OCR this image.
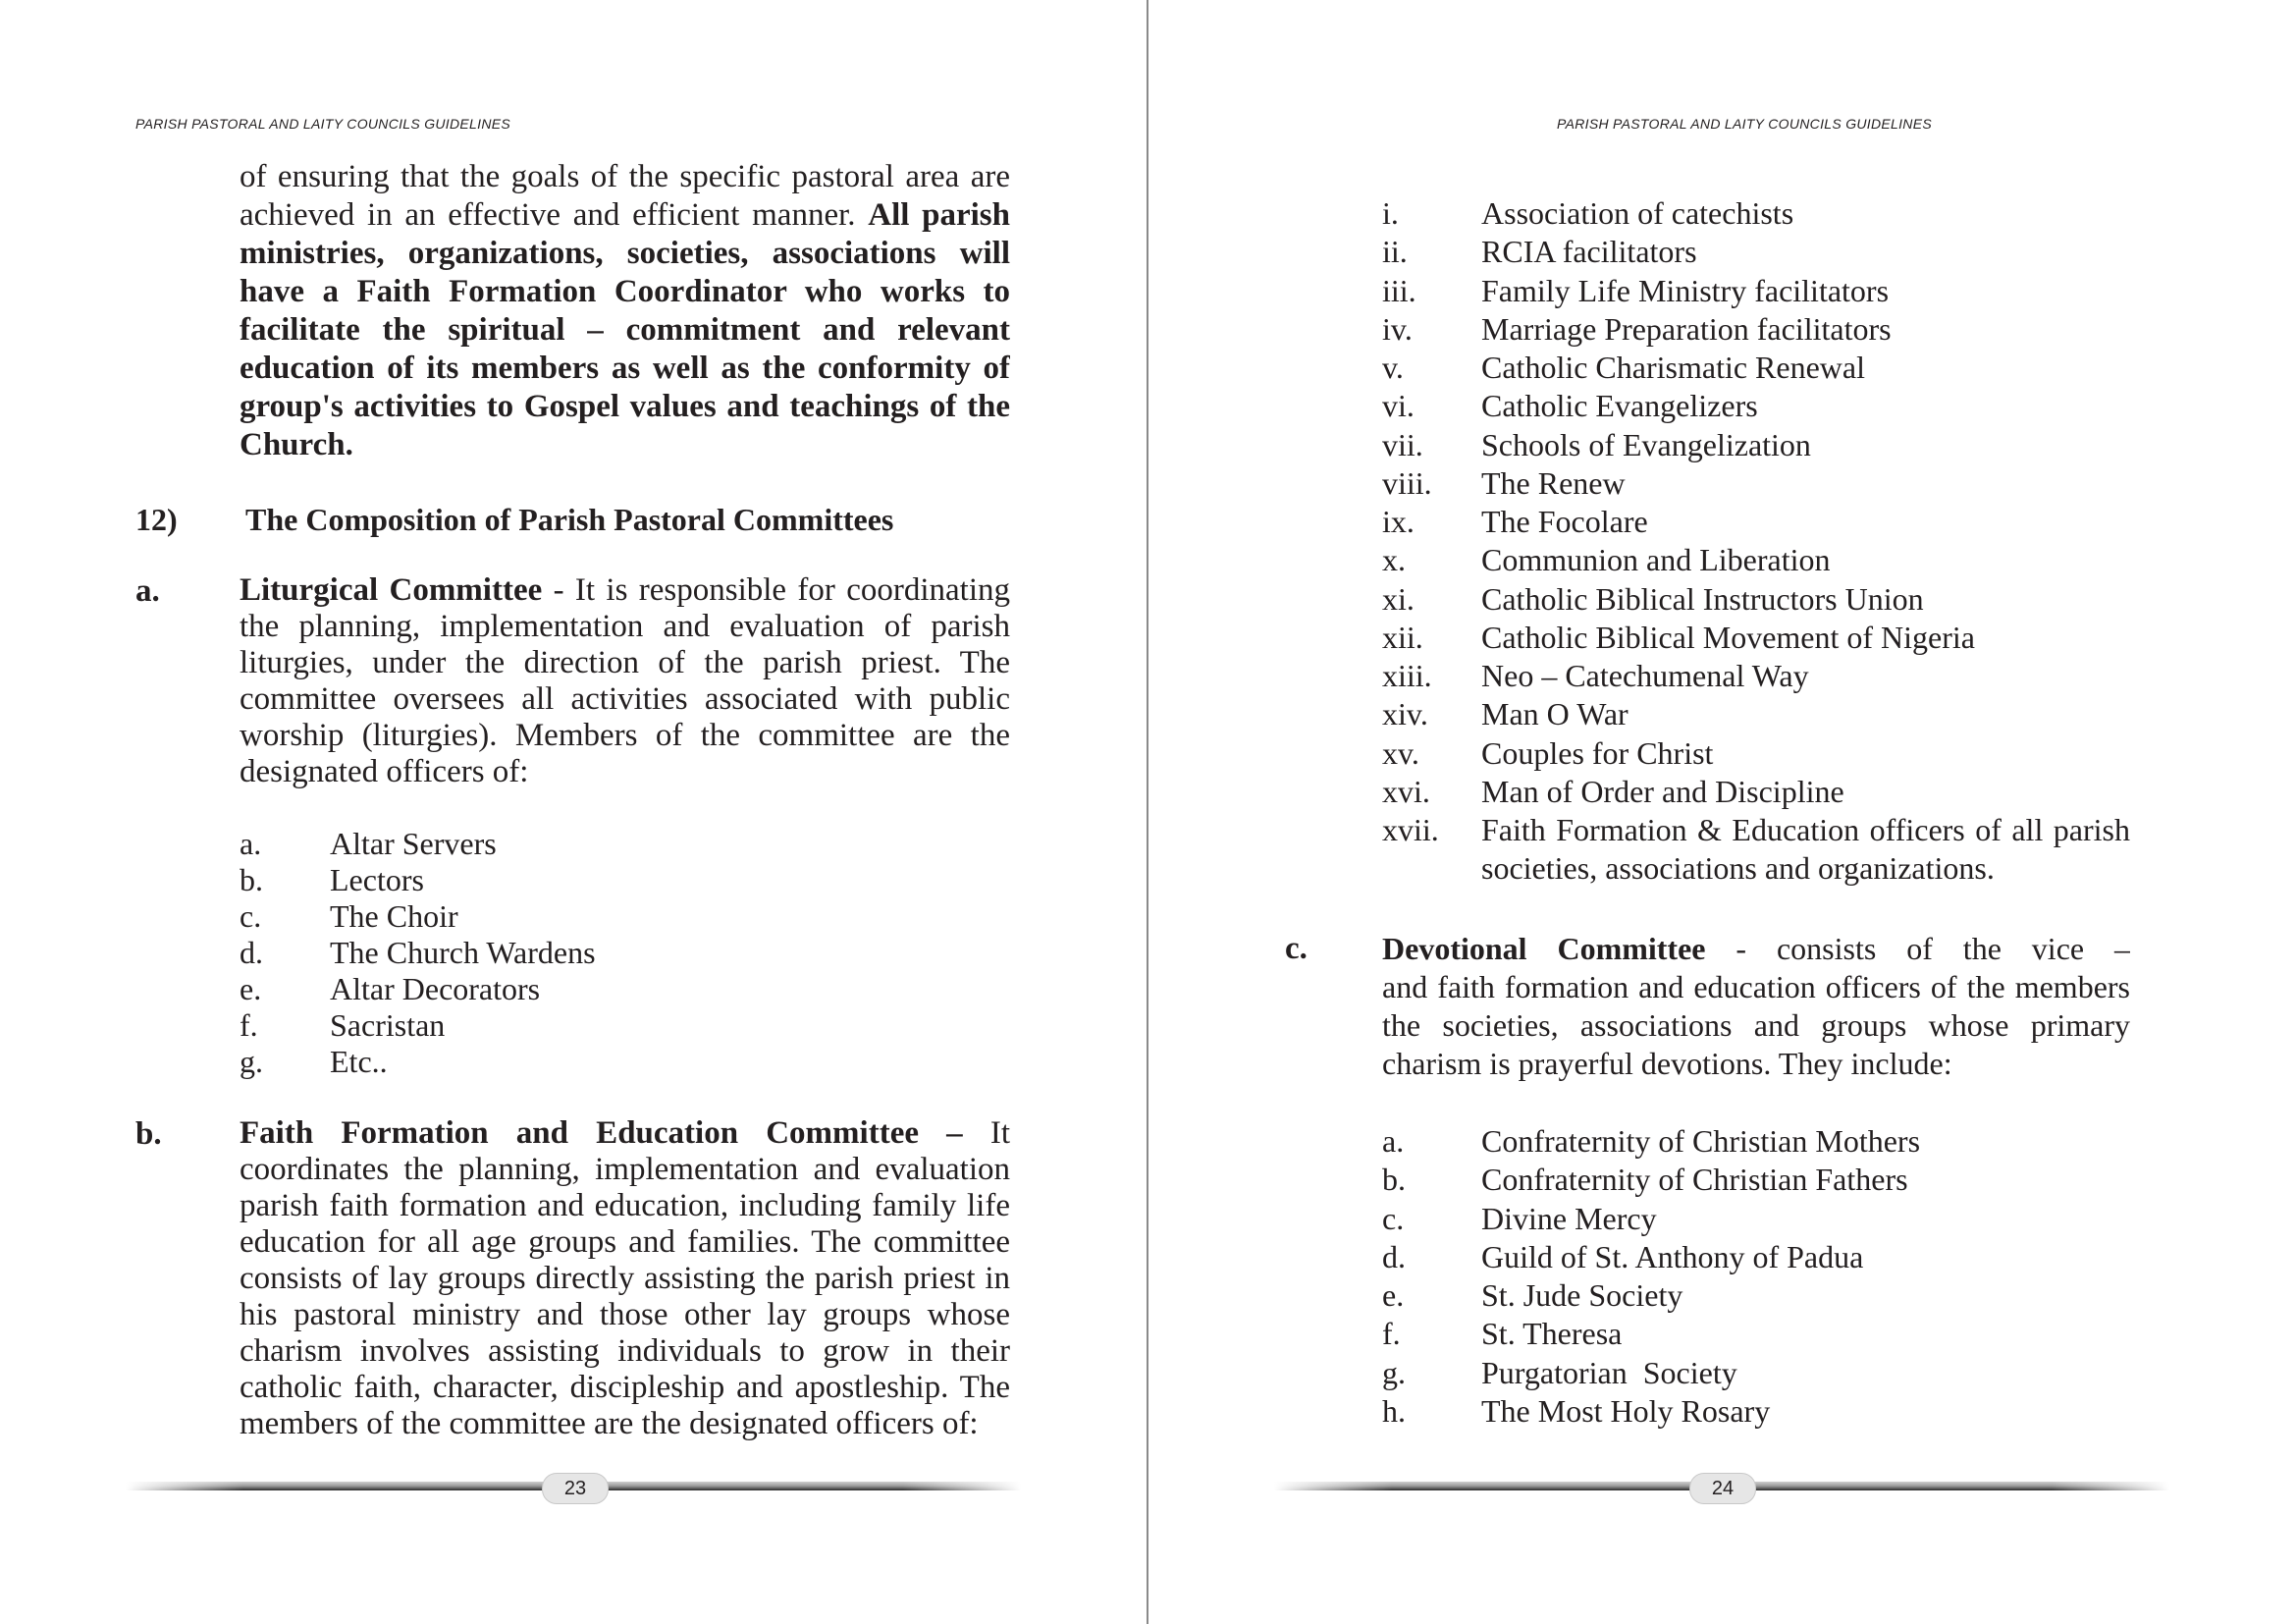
PARISH PASTORAL AND LAITY COUNCILS GUIDELINES
of ensuring that the goals of the specific pastoral area are
achieved in an effective and efficient manner. All parish
ministries, organizations, societies, associations will
have a Faith Formation Coordinator who works to
facilitate the spiritual – commitment and relevant
education of its members as well as the conformity of
group's activities to Gospel values and teachings of the
Church.
12) The Composition of Parish Pastoral Committees
a. Liturgical Committee - It is responsible for coordinating
the planning, implementation and evaluation of parish
liturgies, under the direction of the parish priest. The
committee oversees all activities associated with public
worship (liturgies). Members of the committee are the
designated officers of:
a. Altar Servers
b. Lectors
c. The Choir
d. The Church Wardens
e. Altar Decorators
f. Sacristan
g. Etc..
b. Faith Formation and Education Committee – It
coordinates the planning, implementation and evaluation
parish faith formation and education, including family life
education for all age groups and families. The committee
consists of lay groups directly assisting the parish priest in
his pastoral ministry and those other lay groups whose
charism involves assisting individuals to grow in their
catholic faith, character, discipleship and apostleship. The
members of the committee are the designated officers of:
23
PARISH PASTORAL AND LAITY COUNCILS GUIDELINES
i.	Association of catechists
ii. RCIA facilitators
iii. Family Life Ministry facilitators
iv. Marriage Preparation facilitators
v. Catholic Charismatic Renewal
vi. Catholic Evangelizers
vii. Schools of Evangelization
viii. The Renew
ix. The Focolare
x. Communion and Liberation
xi. Catholic Biblical Instructors Union
xii. Catholic Biblical Movement of Nigeria
xiii. Neo – Catechumenal Way
xiv. Man O War
xv. Couples for Christ
xvi. Man of Order and Discipline
xvii. Faith Formation & Education officers of all parish
societies, associations and organizations.
c. Devotional Committee - consists of the vice –
and faith formation and education officers of the members
the societies, associations and groups whose primary
charism is prayerful devotions. They include:
a. Confraternity of Christian Mothers
b. Confraternity of Christian Fathers
c. Divine Mercy
d. Guild of St. Anthony of Padua
e. St. Jude Society
f.	St. Theresa
g. Purgatorian  Society
h. The Most Holy Rosary
24
